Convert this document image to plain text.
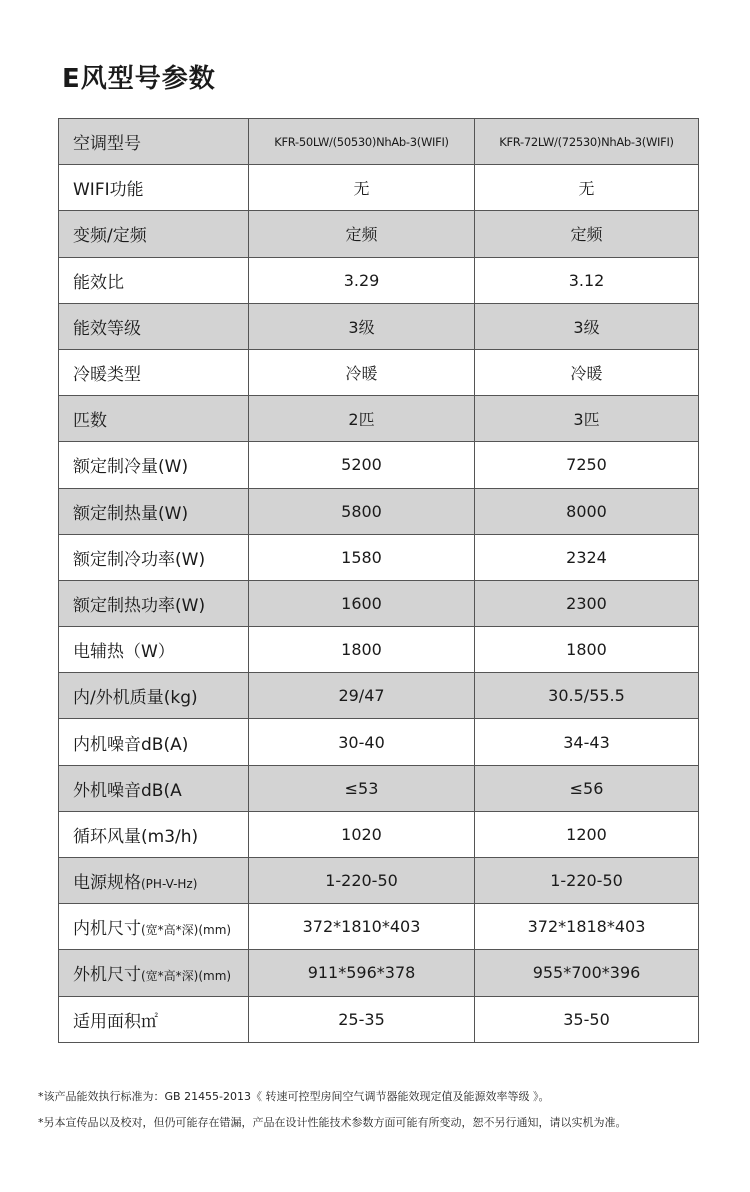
E风型号参数
空调型号	KFR-50LW/(50530)NhAb-3(WIFI)	KFR-72LW/(72530)NhAb-3(WIFI)
WIFI功能	无	无
变频/定频	定频	定频
能效比	3.29	3.12
能效等级	3级	3级
冷暖类型	冷暖	冷暖
匹数	2匹	3匹
额定制冷量(W)	5200	7250
额定制热量(W)	5800	8000
额定制冷功率(W)	1580	2324
额定制热功率(W)	1600	2300
电辅热（W）	1800	1800
内/外机质量(kg)	29/47	30.5/55.5
内机噪音dB(A)	30-40	34-43
外机噪音dB(A	≤53	≤56
循环风量(m3/h)	1020	1200
电源规格(PH-V-Hz)	1-220-50	1-220-50
内机尺寸(宽*高*深)(mm)	372*1810*403	372*1818*403
外机尺寸(宽*高*深)(mm)	911*596*378	955*700*396
适用面积㎡	25-35	35-50
*该产品能效执行标准为：GB 21455-2013《 转速可控型房间空气调节器能效现定值及能源效率等级 》。
*另本宣传品以及校对，但仍可能存在错漏，产品在设计性能技术参数方面可能有所变动，恕不另行通知，请以实机为准。
